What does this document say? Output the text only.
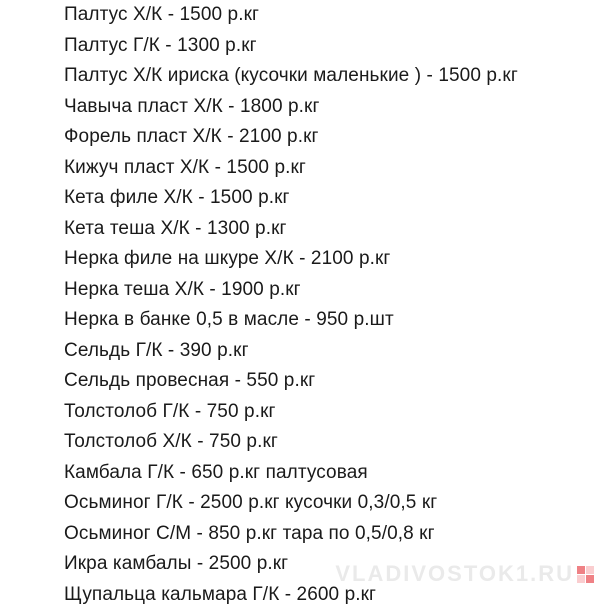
Палтус Х/К - 1500 р.кг
Палтус Г/К - 1300 р.кг
Палтус Х/К ириска (кусочки маленькие ) - 1500 р.кг
Чавыча пласт Х/К - 1800 р.кг
Форель пласт Х/К - 2100 р.кг
Кижуч пласт Х/К - 1500 р.кг
Кета филе Х/К - 1500 р.кг
Кета теша Х/К - 1300 р.кг
Нерка филе на шкуре Х/К - 2100 р.кг
Нерка теша Х/К - 1900 р.кг
Нерка в банке 0,5 в масле - 950 р.шт
Сельдь Г/К - 390 р.кг
Сельдь провесная - 550 р.кг
Толстолоб Г/К - 750 р.кг
Толстолоб Х/К - 750 р.кг
Камбала Г/К - 650 р.кг палтусовая
Осьминог Г/К - 2500 р.кг кусочки 0,3/0,5 кг
Осьминог С/М - 850 р.кг тара по 0,5/0,8 кг
Икра камбалы - 2500 р.кг
Щупальца кальмара Г/К - 2600 р.кг
VLADIVOSTOK1.RU
